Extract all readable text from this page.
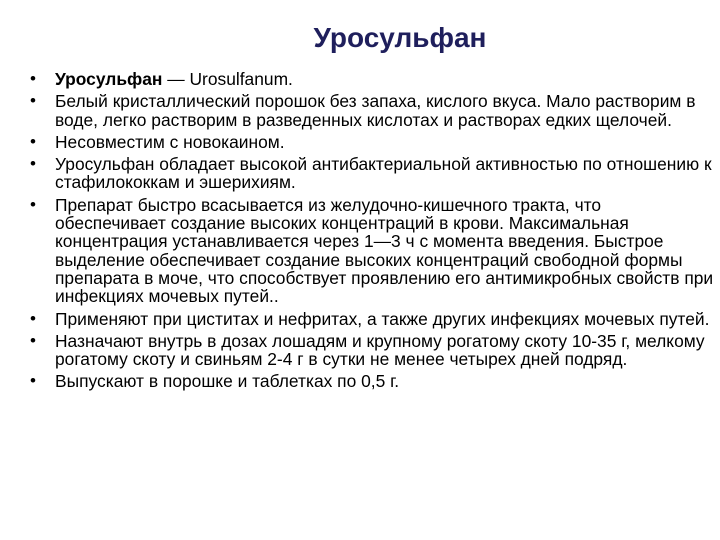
Уросульфан
•	Уросульфан — Urosulfanum.
•	Белый кристаллический порошок без запаха, кислого вкуса. Мало растворим в воде, легко растворим в разведенных кислотах и растворах едких щелочей.
•	Несовместим с новокаином.
•	Уросульфан обладает высокой антибактериальной активностью по отношению к стафилококкам и эшерихиям.
•	Препарат быстро всасывается из желудочно-кишечного тракта, что обеспечивает создание высоких концентраций в крови. Максимальная концентрация устанавливается через 1—3 ч с момента введения. Быстрое выделение обеспечивает создание высоких концентраций свободной формы препарата в моче, что способствует проявлению его антимикробных свойств при инфекциях мочевых путей..
•	Применяют при циститах и нефритах, а также других инфекциях мочевых путей.
•	Назначают внутрь в дозах лошадям и крупному рогатому скоту 10-35 г, мелкому рогатому скоту и свиньям 2-4 г в сутки не менее четырех дней подряд.
•	Выпускают в порошке и таблетках по 0,5 г.
